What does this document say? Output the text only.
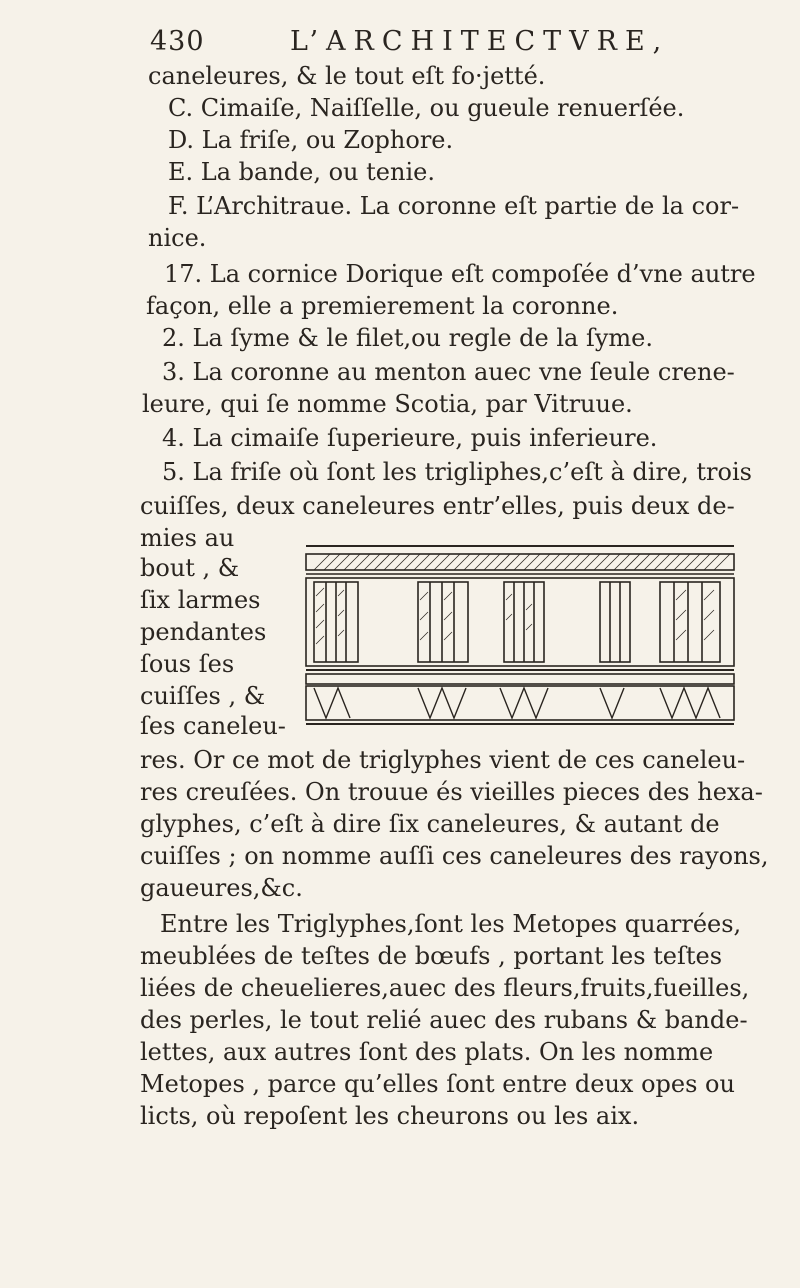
430	L’ARCHITECTVRE,
caneleures, & le tout eſt fo·jetté.
C. Cimaiſe, Naiſſelle, ou gueule renuerſée.
D. La friſe, ou Zophore.
E. La bande, ou tenie.
F. L’Architraue. La coronne eſt partie de la cor-
nice.
17. La cornice Dorique eſt compoſée d’vne autre
façon, elle a premierement la coronne.
2. La ſyme & le filet,ou regle de la ſyme.
3. La coronne au menton auec vne ſeule crene-
leure, qui ſe nomme Scotia, par Vitruue.
4. La cimaiſe ſuperieure, puis inferieure.
5. La friſe où ſont les trigliphes,c’eſt à dire, trois
cuiſſes, deux caneleures entr’elles, puis deux de-
mies au
bout , &
ſix larmes
pendantes
ſous ſes
cuiſſes , &
ſes caneleu-
res. Or ce mot de triglyphes vient de ces caneleu-
res creuſées. On trouue és vieilles pieces des hexa-
glyphes, c’eſt à dire ſix caneleures, & autant de
cuiſſes ; on nomme auſſi ces caneleures des rayons,
gaueures,&c.
Entre les Triglyphes,ſont les Metopes quarrées,
meublées de teſtes de bœufs , portant les teſtes
liées de cheuelieres,auec des fleurs,fruits,fueilles,
des perles, le tout relié auec des rubans & bande-
lettes, aux autres ſont des plats. On les nomme
Metopes , parce qu’elles ſont entre deux opes ou
licts, où repoſent les cheurons ou les aix.
